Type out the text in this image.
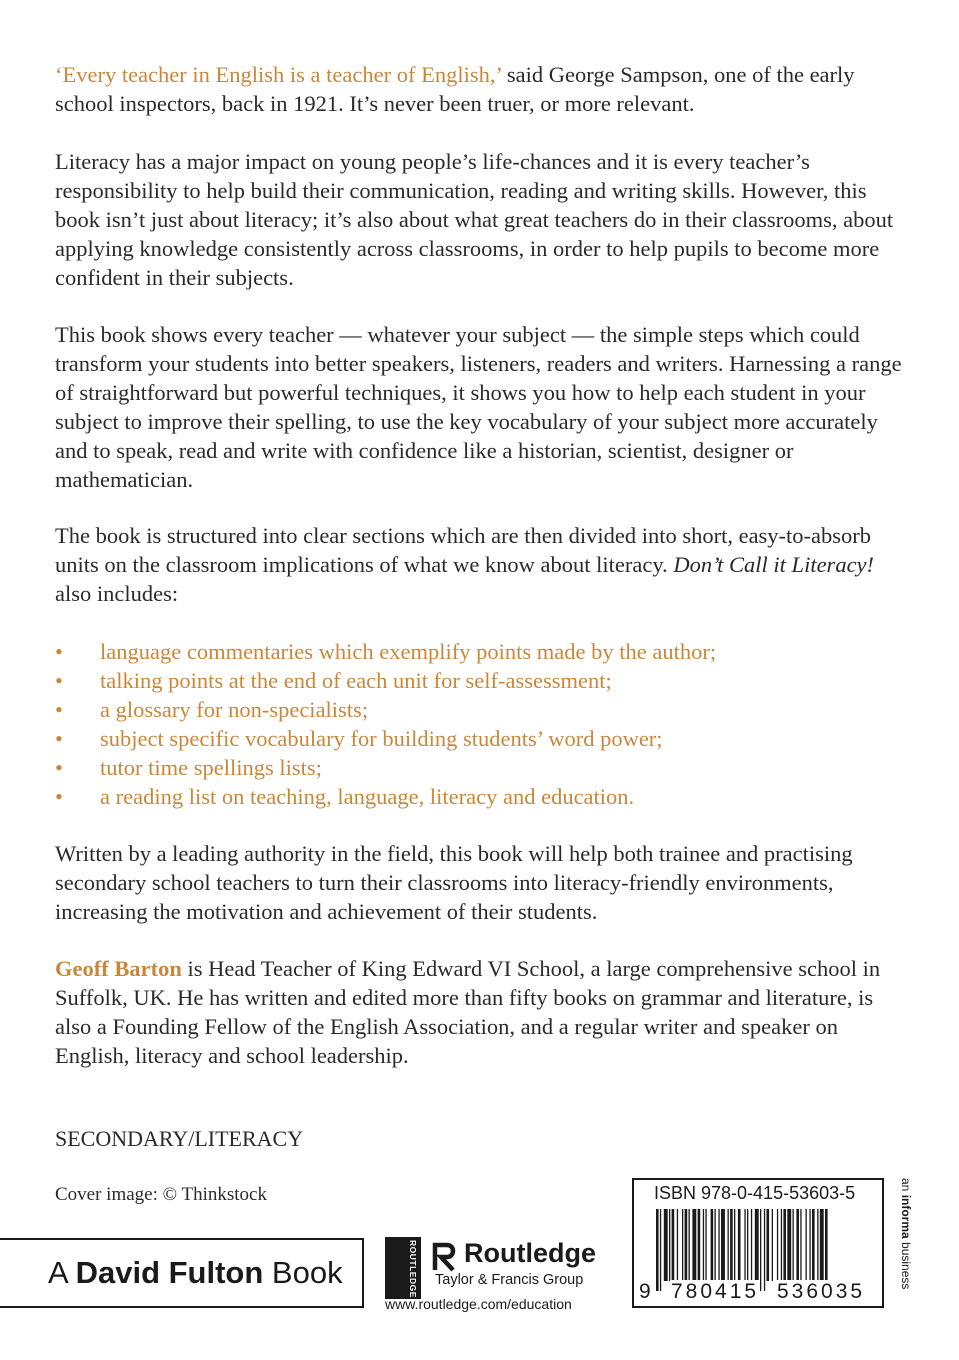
‘Every teacher in English is a teacher of English,’ said George Sampson, one of the early school inspectors, back in 1921. It’s never been truer, or more relevant.

Literacy has a major impact on young people’s life-chances and it is every teacher’s responsibility to help build their communication, reading and writing skills. However, this book isn’t just about literacy; it’s also about what great teachers do in their classrooms, about applying knowledge consistently across classrooms, in order to help pupils to become more confident in their subjects.

This book shows every teacher — whatever your subject — the simple steps which could transform your students into better speakers, listeners, readers and writers. Harnessing a range of straightforward but powerful techniques, it shows you how to help each student in your subject to improve their spelling, to use the key vocabulary of your subject more accurately and to speak, read and write with confidence like a historian, scientist, designer or mathematician.

The book is structured into clear sections which are then divided into short, easy-to-absorb units on the classroom implications of what we know about literacy. Don’t Call it Literacy! also includes:

• language commentaries which exemplify points made by the author;
• talking points at the end of each unit for self-assessment;
• a glossary for non-specialists;
• subject specific vocabulary for building students’ word power;
• tutor time spellings lists;
• a reading list on teaching, language, literacy and education.

Written by a leading authority in the field, this book will help both trainee and practising secondary school teachers to turn their classrooms into literacy-friendly environments, increasing the motivation and achievement of their students.

Geoff Barton is Head Teacher of King Edward VI School, a large comprehensive school in Suffolk, UK. He has written and edited more than fifty books on grammar and literature, is also a Founding Fellow of the English Association, and a regular writer and speaker on English, literacy and school leadership.

SECONDARY/LITERACY
Cover image: © Thinkstock
A David Fulton Book	ROUTLEDGE Routledge
Taylor & Francis Group
www.routledge.com/education
ISBN 978-0-415-53603-5
9 780415 536035
an informa business
